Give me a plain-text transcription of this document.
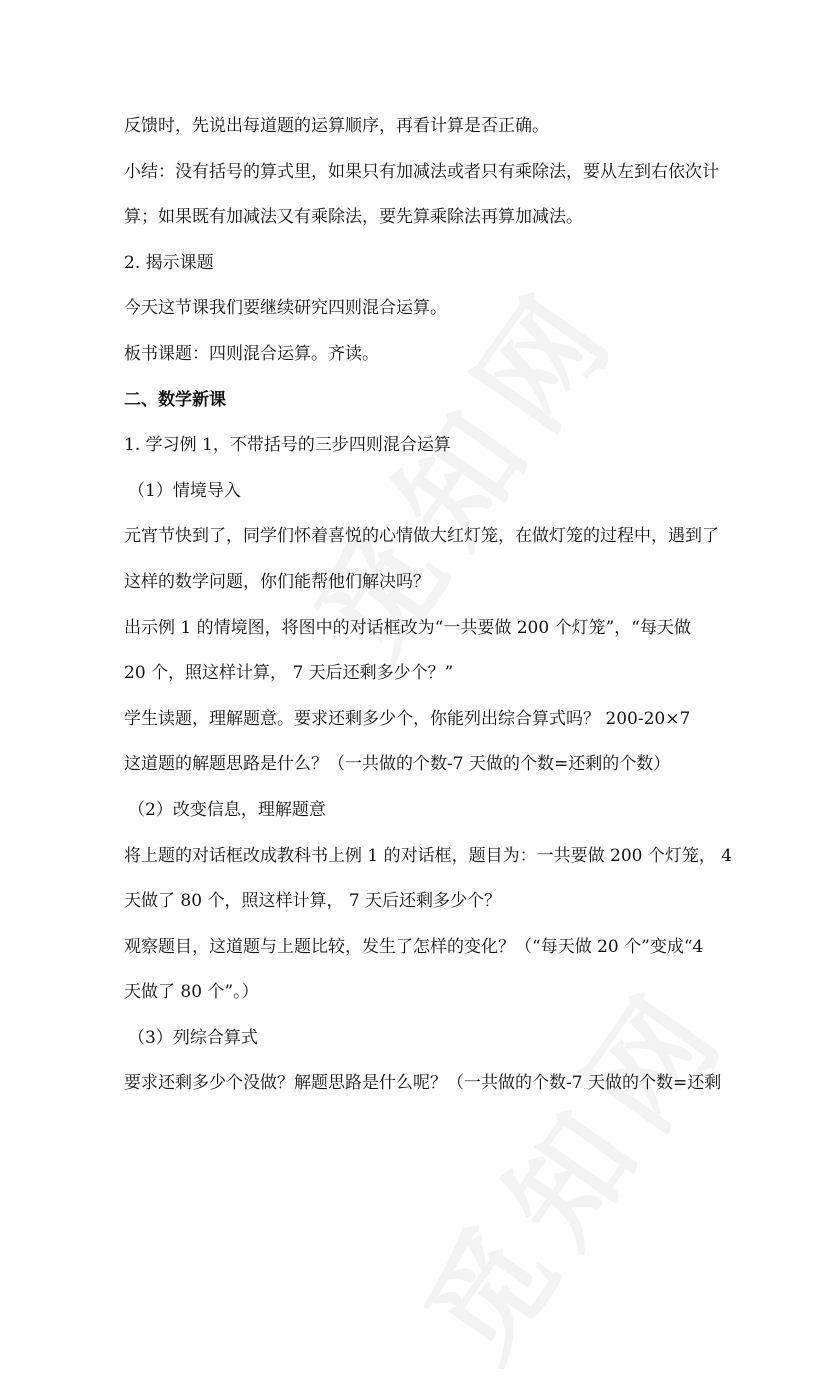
反馈时，先说出每道题的运算顺序，再看计算是否正确。
小结：没有括号的算式里，如果只有加减法或者只有乘除法，要从左到右依次计
算；如果既有加减法又有乘除法，要先算乘除法再算加减法。
2. 揭示课题
今天这节课我们要继续研究四则混合运算。
板书课题：四则混合运算。齐读。
二、数学新课
1. 学习例 1，不带括号的三步四则混合运算
（1）情境导入
元宵节快到了，同学们怀着喜悦的心情做大红灯笼，在做灯笼的过程中，遇到了
这样的数学问题，你们能帮他们解决吗？
出示例 1 的情境图，将图中的对话框改为“一共要做 200 个灯笼”，“每天做
20 个，照这样计算， 7 天后还剩多少个？”
学生读题，理解题意。要求还剩多少个，你能列出综合算式吗？ 200-20×7
这道题的解题思路是什么？（一共做的个数-7 天做的个数=还剩的个数）
（2）改变信息，理解题意
将上题的对话框改成教科书上例 1 的对话框，题目为：一共要做 200 个灯笼， 4
天做了 80 个，照这样计算， 7 天后还剩多少个？
观察题目，这道题与上题比较，发生了怎样的变化？（“每天做 20 个”变成“4
天做了 80 个”。）
（3）列综合算式
要求还剩多少个没做？解题思路是什么呢？（一共做的个数-7 天做的个数=还剩
